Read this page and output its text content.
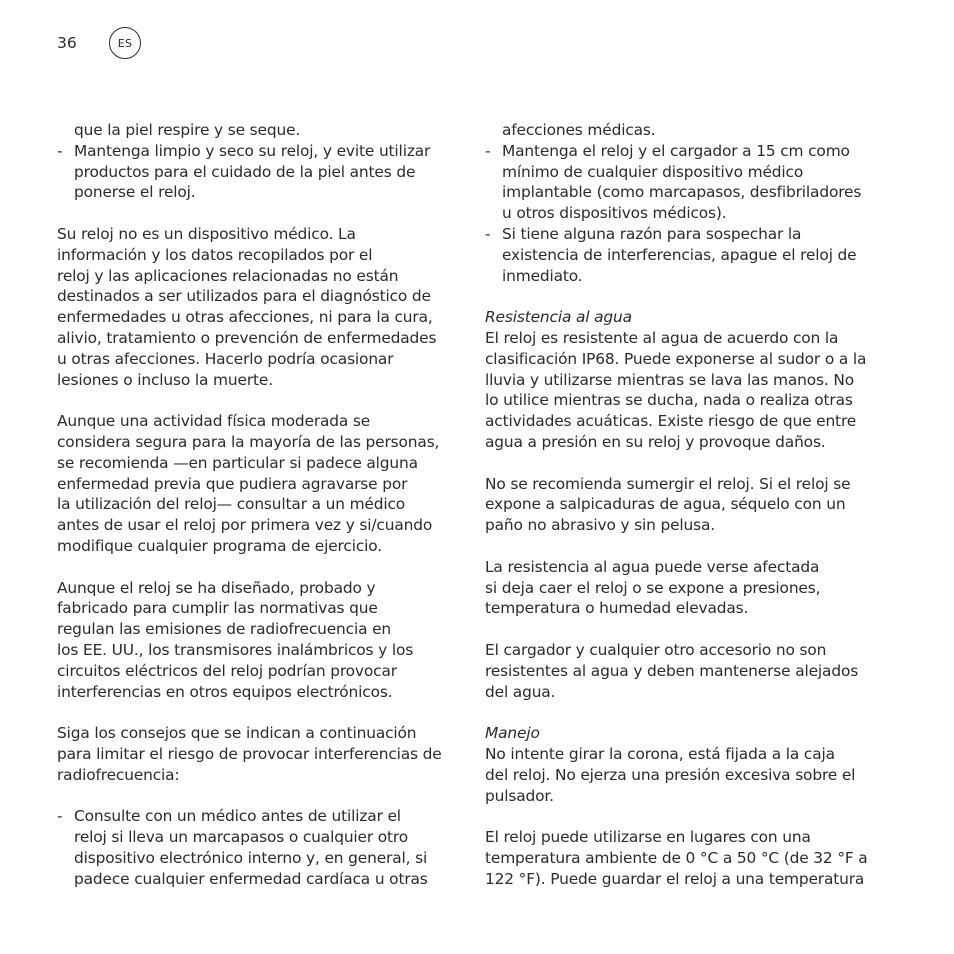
36	ES
que la piel respire y se seque.
- Mantenga limpio y seco su reloj, y evite utilizar
productos para el cuidado de la piel antes de
ponerse el reloj.
Su reloj no es un dispositivo médico. La
información y los datos recopilados por el
reloj y las aplicaciones relacionadas no están
destinados a ser utilizados para el diagnóstico de
enfermedades u otras afecciones, ni para la cura,
alivio, tratamiento o prevención de enfermedades
u otras afecciones. Hacerlo podría ocasionar
lesiones o incluso la muerte.
Aunque una actividad física moderada se
considera segura para la mayoría de las personas,
se recomienda —en particular si padece alguna
enfermedad previa que pudiera agravarse por
la utilización del reloj— consultar a un médico
antes de usar el reloj por primera vez y si/cuando
modifique cualquier programa de ejercicio.
Aunque el reloj se ha diseñado, probado y
fabricado para cumplir las normativas que
regulan las emisiones de radiofrecuencia en
los EE. UU., los transmisores inalámbricos y los
circuitos eléctricos del reloj podrían provocar
interferencias en otros equipos electrónicos.
Siga los consejos que se indican a continuación
para limitar el riesgo de provocar interferencias de
radiofrecuencia:
- Consulte con un médico antes de utilizar el
reloj si lleva un marcapasos o cualquier otro
dispositivo electrónico interno y, en general, si
padece cualquier enfermedad cardíaca u otras
afecciones médicas.
- Mantenga el reloj y el cargador a 15 cm como
mínimo de cualquier dispositivo médico
implantable (como marcapasos, desfibriladores
u otros dispositivos médicos).
- Si tiene alguna razón para sospechar la
existencia de interferencias, apague el reloj de
inmediato.
Resistencia al agua
El reloj es resistente al agua de acuerdo con la
clasificación IP68. Puede exponerse al sudor o a la
lluvia y utilizarse mientras se lava las manos. No
lo utilice mientras se ducha, nada o realiza otras
actividades acuáticas. Existe riesgo de que entre
agua a presión en su reloj y provoque daños.
No se recomienda sumergir el reloj. Si el reloj se
expone a salpicaduras de agua, séquelo con un
paño no abrasivo y sin pelusa.
La resistencia al agua puede verse afectada
si deja caer el reloj o se expone a presiones,
temperatura o humedad elevadas.
El cargador y cualquier otro accesorio no son
resistentes al agua y deben mantenerse alejados
del agua.
Manejo
No intente girar la corona, está fijada a la caja
del reloj. No ejerza una presión excesiva sobre el
pulsador.
El reloj puede utilizarse en lugares con una
temperatura ambiente de 0 °C a 50 °C (de 32 °F a
122 °F). Puede guardar el reloj a una temperatura
